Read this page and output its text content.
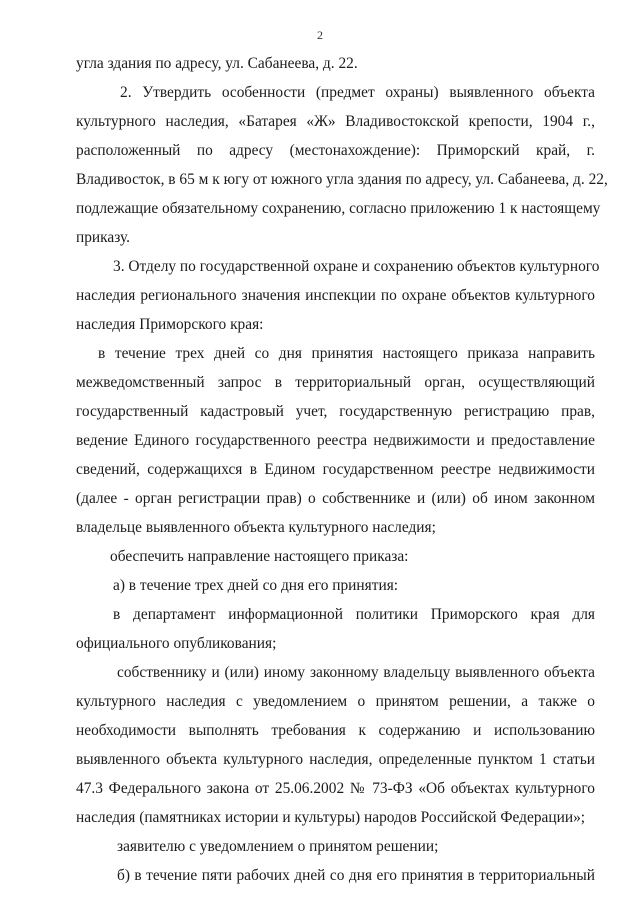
2
угла здания по адресу, ул. Сабанеева, д. 22.
2. Утвердить особенности (предмет охраны) выявленного объекта
культурного наследия, «Батарея «Ж» Владивостокской крепости, 1904 г.,
расположенный по адресу (местонахождение): Приморский край, г.
Владивосток, в 65 м к югу от южного угла здания по адресу, ул. Сабанеева, д. 22,
подлежащие обязательному сохранению, согласно приложению 1 к настоящему
приказу.
3. Отделу по государственной охране и сохранению объектов культурного
наследия регионального значения инспекции по охране объектов культурного
наследия Приморского края:
в течение трех дней со дня принятия настоящего приказа направить
межведомственный запрос в территориальный орган, осуществляющий
государственный кадастровый учет, государственную регистрацию прав,
ведение Единого государственного реестра недвижимости и предоставление
сведений, содержащихся в Едином государственном реестре недвижимости
(далее - орган регистрации прав) о собственнике и (или) об ином законном
владельце выявленного объекта культурного наследия;
обеспечить направление настоящего приказа:
а) в течение трех дней со дня его принятия:
в департамент информационной политики Приморского края для
официального опубликования;
собственнику и (или) иному законному владельцу выявленного объекта
культурного наследия с уведомлением о принятом решении, а также о
необходимости выполнять требования к содержанию и использованию
выявленного объекта культурного наследия, определенные пунктом 1 статьи
47.3 Федерального закона от 25.06.2002 № 73-ФЗ «Об объектах культурного
наследия (памятниках истории и культуры) народов Российской Федерации»;
заявителю с уведомлением о принятом решении;
б) в течение пяти рабочих дней со дня его принятия в территориальный
